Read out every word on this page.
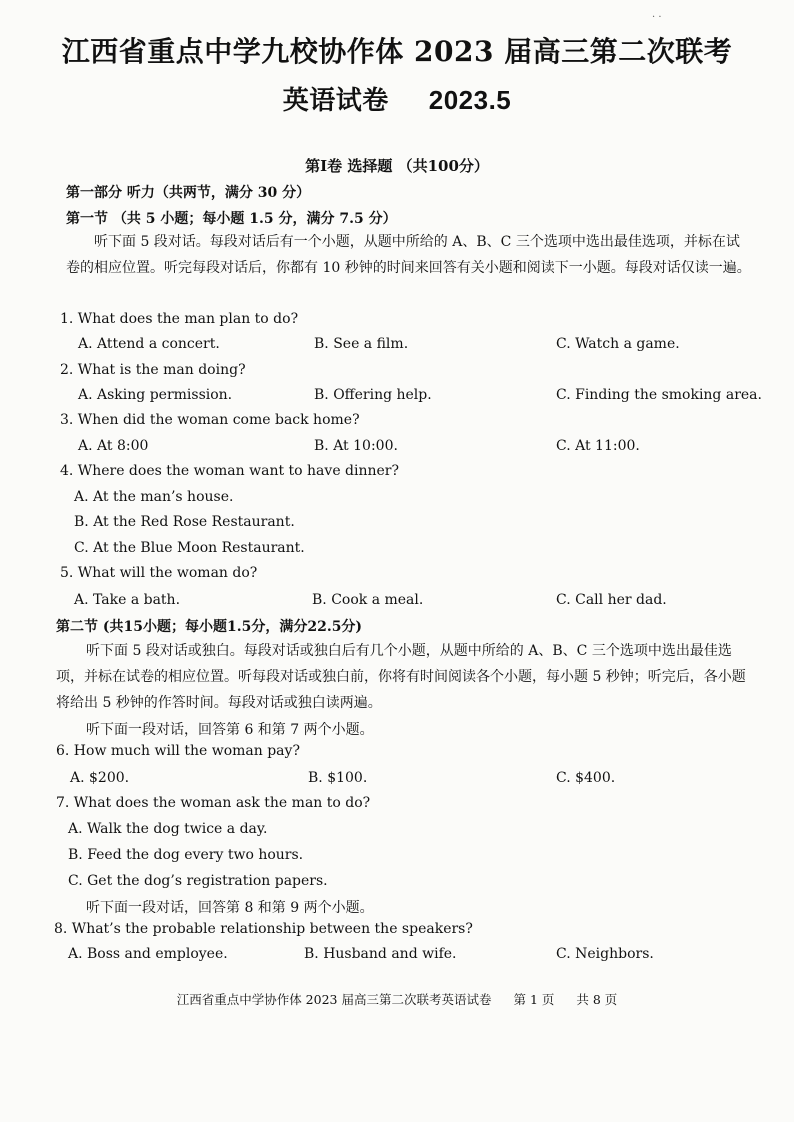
· ·
江西省重点中学九校协作体 2023 届高三第二次联考
英语试卷 2023.5
第I卷 选择题 （共100分）
第一部分 听力（共两节，满分 30 分）
第一节 （共 5 小题；每小题 1.5 分，满分 7.5 分）
听下面 5 段对话。每段对话后有一个小题，从题中所给的 A、B、C 三个选项中选出最佳选项，并标在试卷的相应位置。听完每段对话后，你都有 10 秒钟的时间来回答有关小题和阅读下一小题。每段对话仅读一遍。
1. What does the man plan to do?
A. Attend a concert.	B. See a film.	C. Watch a game.
2. What is the man doing?
A. Asking permission.	B. Offering help.	C. Finding the smoking area.
3. When did the woman come back home?
A. At 8:00	B. At 10:00.	C. At 11:00.
4. Where does the woman want to have dinner?
A. At the man’s house.
B. At the Red Rose Restaurant.
C. At the Blue Moon Restaurant.
5. What will the woman do?
A. Take a bath.	B. Cook a meal.	C. Call her dad.
第二节 (共15小题；每小题1.5分，满分22.5分)
听下面 5 段对话或独白。每段对话或独白后有几个小题，从题中所给的 A、B、C 三个选项中选出最佳选项，并标在试卷的相应位置。听每段对话或独白前，你将有时间阅读各个小题，每小题 5 秒钟；听完后，各小题将给出 5 秒钟的作答时间。每段对话或独白读两遍。
听下面一段对话，回答第 6 和第 7 两个小题。
6. How much will the woman pay?
A. $200.	B. $100.	C. $400.
7. What does the woman ask the man to do?
A. Walk the dog twice a day.
B. Feed the dog every two hours.
C. Get the dog’s registration papers.
听下面一段对话，回答第 8 和第 9 两个小题。
8. What’s the probable relationship between the speakers?
A. Boss and employee.	B. Husband and wife.	C. Neighbors.
江西省重点中学协作体 2023 届高三第二次联考英语试卷 第 1 页 共 8 页
